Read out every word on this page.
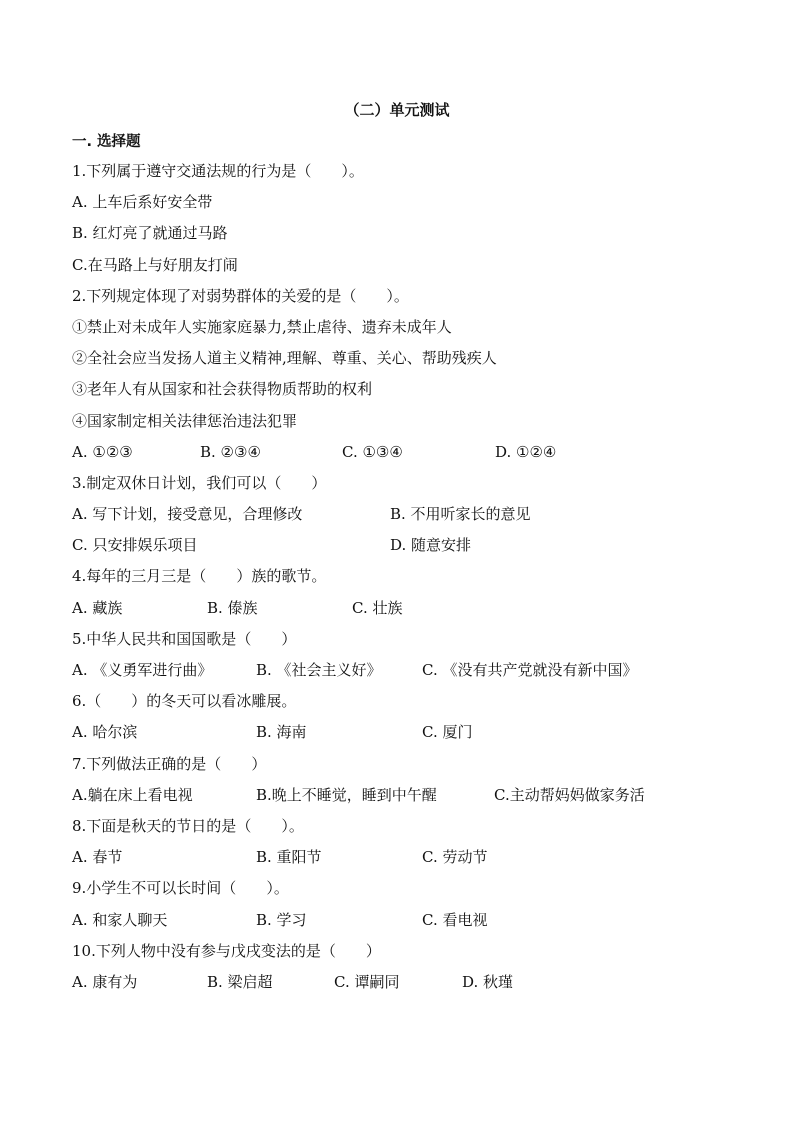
（二）单元测试
一. 选择题
1.下列属于遵守交通法规的行为是（　　）。
A. 上车后系好安全带
B. 红灯亮了就通过马路
C.在马路上与好朋友打闹
2.下列规定体现了对弱势群体的关爱的是（　　）。
①禁止对未成年人实施家庭暴力,禁止虐待、遗弃未成年人
②全社会应当发扬人道主义精神,理解、尊重、关心、帮助残疾人
③老年人有从国家和社会获得物质帮助的权利
④国家制定相关法律惩治违法犯罪
A. ①②③	B. ②③④	C. ①③④	D. ①②④
3.制定双休日计划，我们可以（　　）
A. 写下计划，接受意见，合理修改	B. 不用听家长的意见
C. 只安排娱乐项目	D. 随意安排
4.每年的三月三是（　　）族的歌节。
A. 藏族	B. 傣族	C. 壮族
5.中华人民共和国国歌是（　　）
A. 《义勇军进行曲》	B. 《社会主义好》	C. 《没有共产党就没有新中国》
6.（　　）的冬天可以看冰雕展。
A. 哈尔滨	B. 海南	C. 厦门
7.下列做法正确的是（　　）
A.躺在床上看电视	B.晚上不睡觉，睡到中午醒	C.主动帮妈妈做家务活
8.下面是秋天的节日的是（　　）。
A. 春节	B. 重阳节	C. 劳动节
9.小学生不可以长时间（　　）。
A. 和家人聊天	B. 学习	C. 看电视
10.下列人物中没有参与戊戌变法的是（　　）
A. 康有为	B. 梁启超	C. 谭嗣同	D. 秋瑾
